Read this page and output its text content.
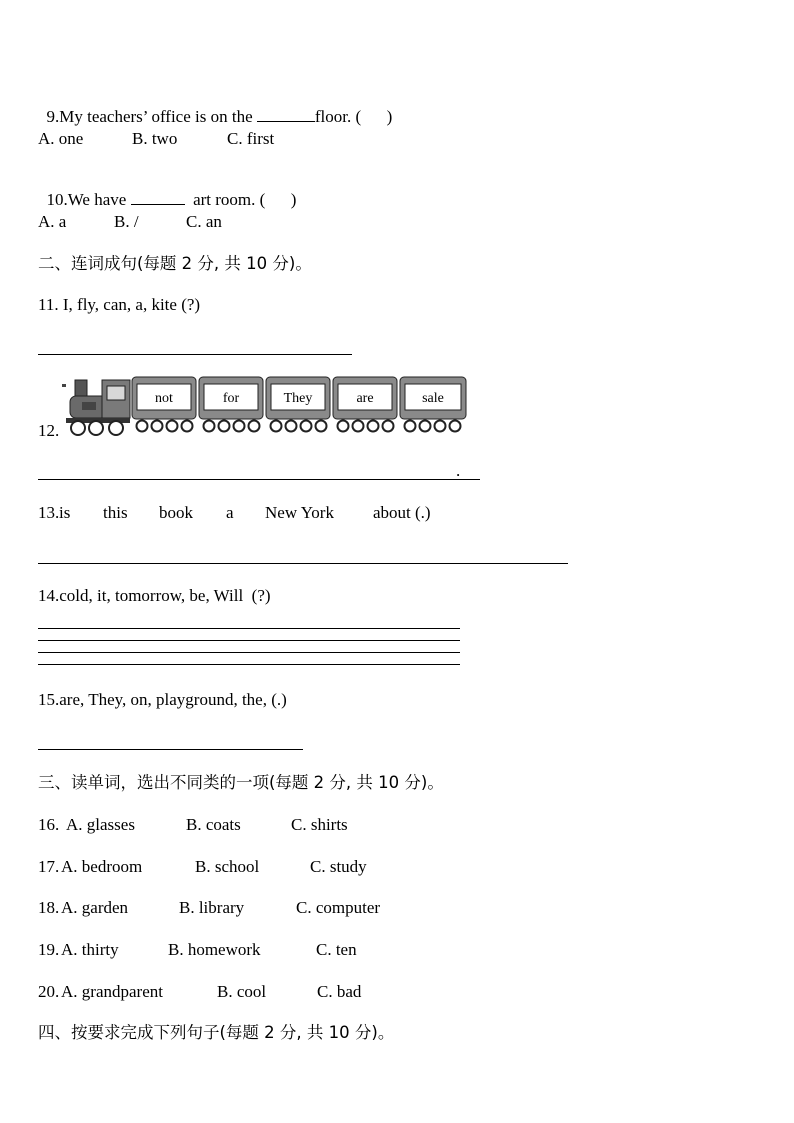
9.My teachers’ office is on the	floor. (      )

A. one	B. two	C. first

10.We have	art room. (      )

A. a	B. /	C. an
二、连词成句(每题 2 分, 共 10 分)。
11. I, fly, can, a, kite (?)
12.
not	for	They	are	sale
.
13. is this book a New York about (.)
14.cold, it, tomorrow, be, Will  (?)
15.are, They, on, playground, the, (.)
三、读单词，选出不同类的一项(每题 2 分, 共 10 分)。
16. A. glasses	B. coats	C. shirts
17. A. bedroom	B. school	C. study
18. A. garden	B. library	C. computer
19. A. thirty	B. homework	C. ten
20. A. grandparent	B. cool	C. bad
四、按要求完成下列句子(每题 2 分, 共 10 分)。
